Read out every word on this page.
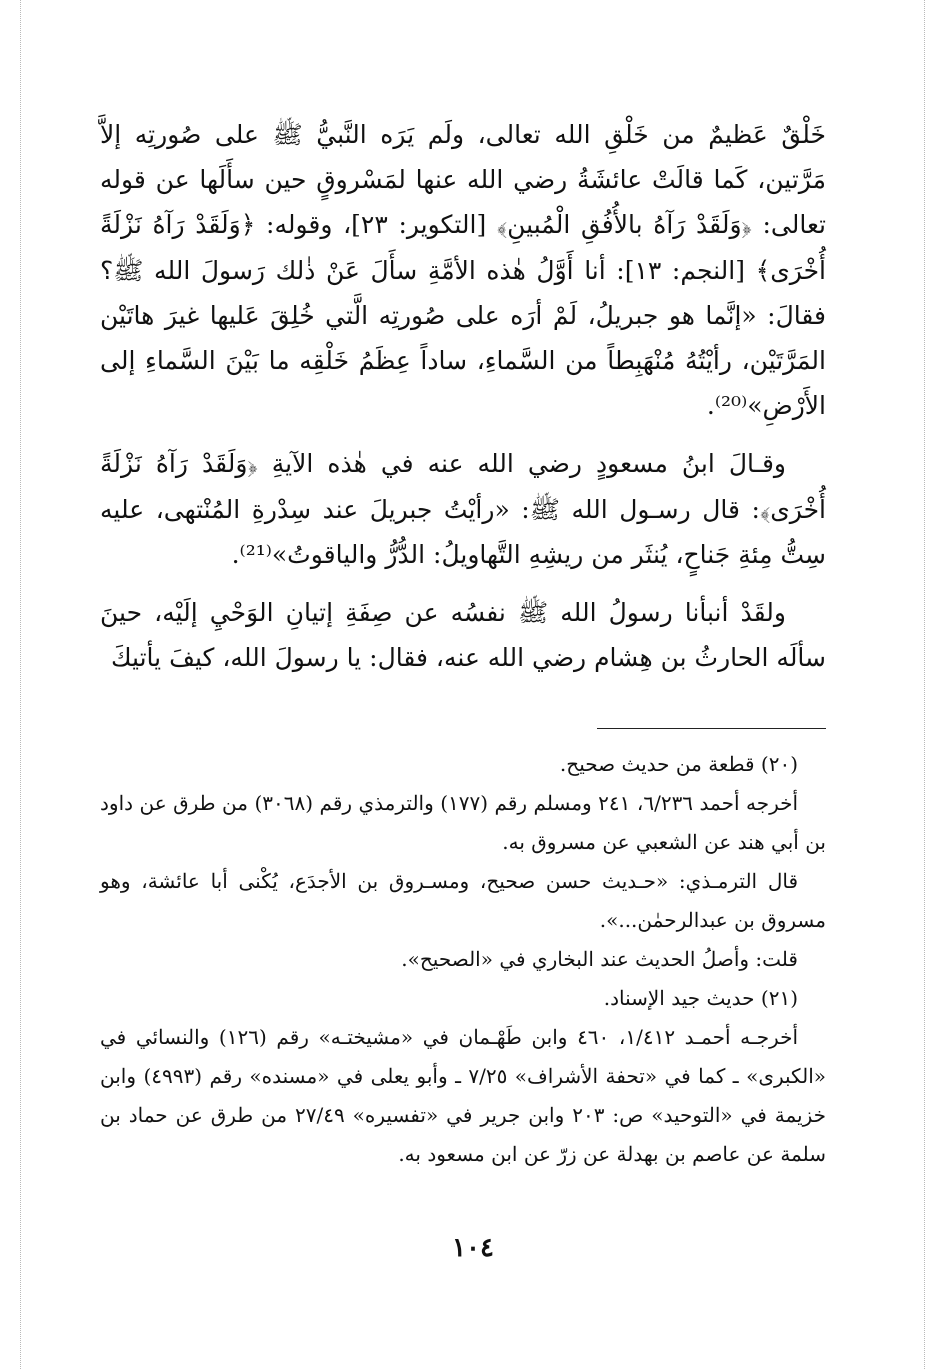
خَلْقٌ عَظيمٌ من خَلْقِ الله تعالى، ولَم يَرَه النَّبيُّ ﷺ على صُورتِه إلاَّ مَرَّتين، كَما قالَتْ عائشَةُ رضي الله عنها لمَسْروقٍ حين سأَلَها عن قوله تعالى: ﴿وَلَقَدْ رَآهُ بالأُفُقِ الْمُبينِ﴾ [التكوير: ٢٣]، وقوله: ﴿وَلَقَدْ رَآهُ نَزْلَةً أُخْرَى﴾ [النجم: ١٣]: أنا أَوَّلُ هٰذه الأمَّةِ سأَلَ عَنْ ذٰلك رَسولَ الله ﷺ؟ فقالَ: «إنَّما هو جبريلُ، لَمْ أرَه على صُورتِه الَّتي خُلِقَ عَليها غيرَ هاتَيْن المَرَّتَيْن، رأيْتُهُ مُنْهَبِطاً من السَّماءِ، ساداً عِظَمُ خَلْقِه ما بَيْنَ السَّماءِ إلى الأَرْضِ»⁽²⁰⁾.

وقـالَ ابنُ مسعودٍ رضي الله عنه في هٰذه الآيةِ ﴿وَلَقَدْ رَآهُ نَزْلَةً أُخْرَى﴾: قال رسـول الله ﷺ: «رأيْتُ جبريلَ عند سِدْرةِ المُنْتهى، عليه سِتُّ مِئةِ جَناحٍ، يُنثَر من ريشِهِ التَّهاويلُ: الدُّرُّ والياقوتُ»⁽²¹⁾.

ولقَدْ أنبأنا رسولُ الله ﷺ نفسُه عن صِفَةِ إتيانِ الوَحْيِ إلَيْه، حينَ سألَه الحارثُ بن هِشام رضي الله عنه، فقال: يا رسولَ الله، كيفَ يأتيكَ

(٢٠) قطعة من حديث صحيح.

أخرجه أحمد ٦/٢٣٦، ٢٤١ ومسلم رقم (١٧٧) والترمذي رقم (٣٠٦٨) من طرق عن داود بن أبي هند عن الشعبي عن مسروق به.

قال الترمـذي: «حـديث حسن صحيح، ومسـروق بن الأجدَع، يُكْنى أبا عائشة، وهو مسروق بن عبدالرحمٰن...».

قلت: وأصلُ الحديث عند البخاري في «الصحيح».

(٢١) حديث جيد الإسناد.

أخرجـه أحمـد ١/٤١٢، ٤٦٠ وابن طَهْـمان في «مشيختـه» رقم (١٢٦) والنسائي في «الكبرى» ـ كما في «تحفة الأشراف» ٧/٢٥ ـ وأبو يعلى في «مسنده» رقم (٤٩٩٣) وابن خزيمة في «التوحيد» ص: ٢٠٣ وابن جرير في «تفسيره» ٢٧/٤٩ من طرق عن حماد بن سلمة عن عاصم بن بهدلة عن زرّ عن ابن مسعود به.

١٠٤
